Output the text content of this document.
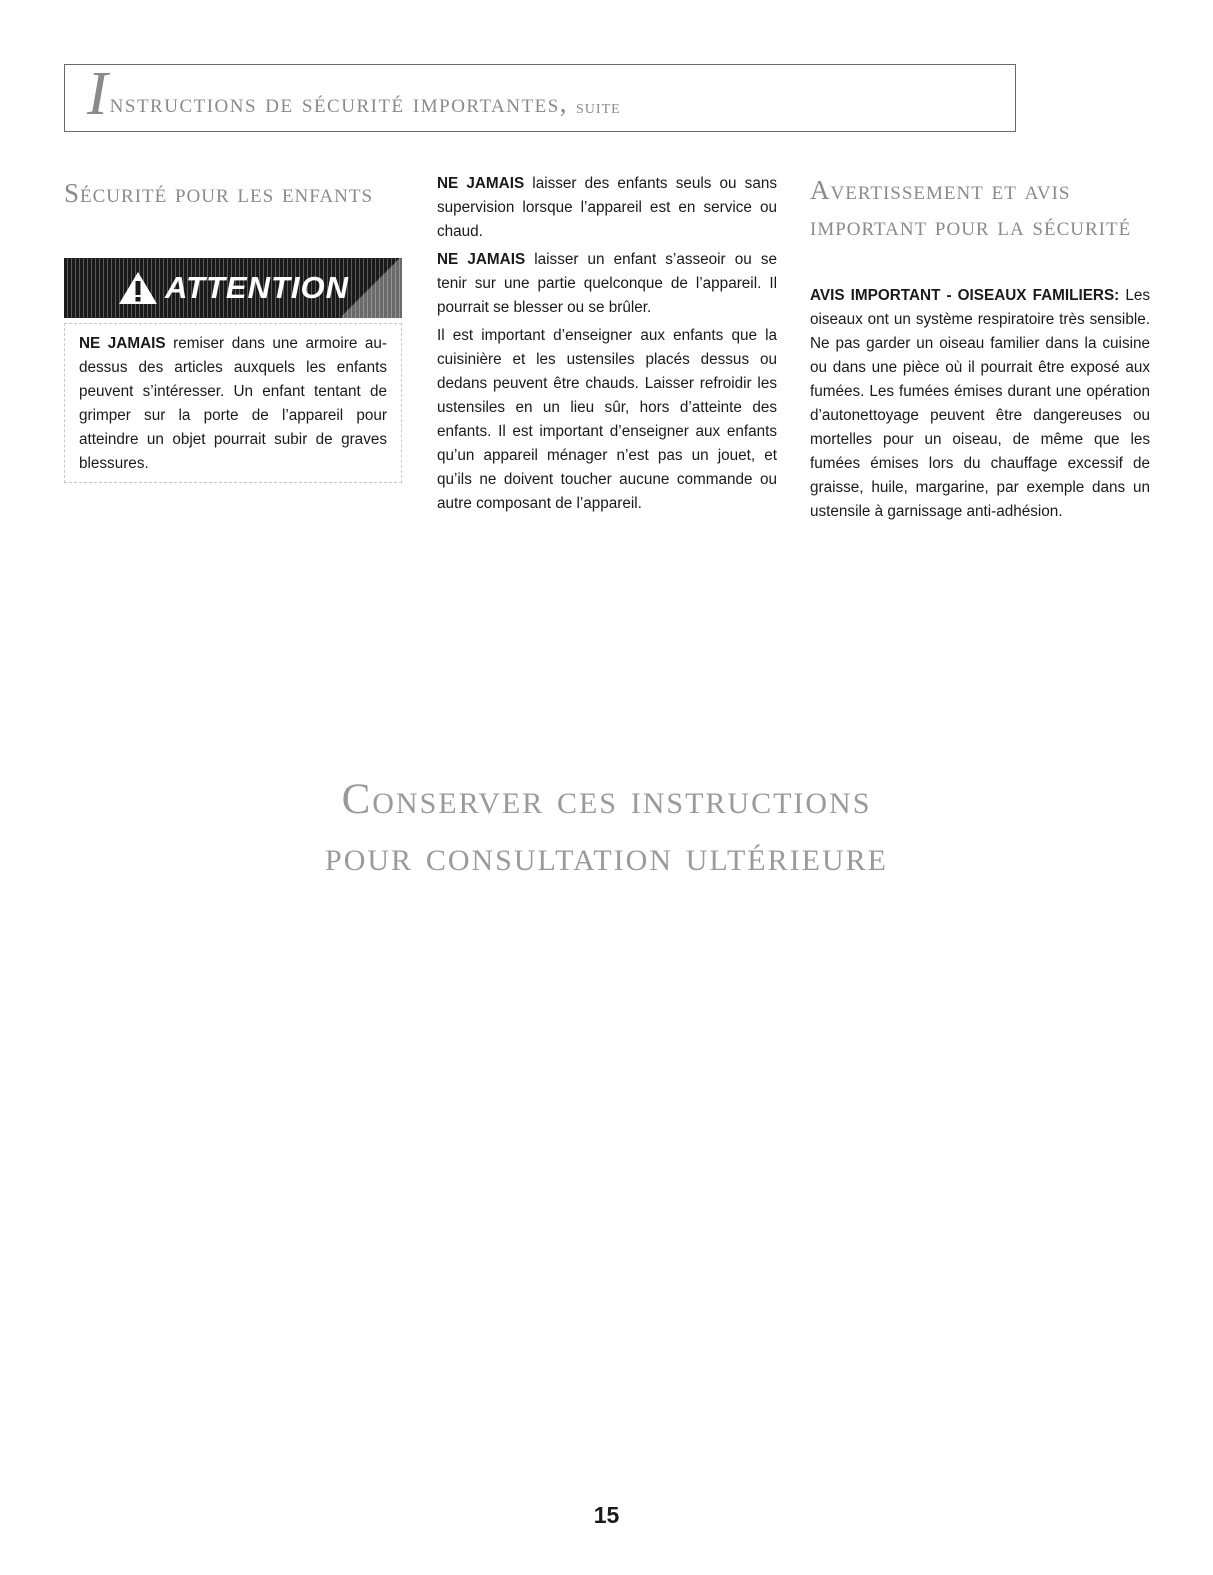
I nstructions de sécurité importantes, suite
Sécurité pour les enfants
ATTENTION

NE JAMAIS remiser dans une armoire au-dessus des articles auxquels les enfants peuvent s’intéresser. Un enfant tentant de grimper sur la porte de l’appareil pour atteindre un objet pourrait subir de graves blessures.

NE JAMAIS laisser des enfants seuls ou sans supervision lorsque l’appareil est en service ou chaud.

NE JAMAIS laisser un enfant s’asseoir ou se tenir sur une partie quelconque de l’appareil. Il pourrait se blesser ou se brûler.

Il est important d’enseigner aux enfants que la cuisinière et les ustensiles placés dessus ou dedans peuvent être chauds. Laisser refroidir les ustensiles en un lieu sûr, hors d’atteinte des enfants. Il est important d’enseigner aux enfants qu’un appareil ménager n’est pas un jouet, et qu’ils ne doivent toucher aucune commande ou autre composant de l’appareil.

Avertissement et avis important pour la sécurité

AVIS IMPORTANT - OISEAUX FAMILIERS: Les oiseaux ont un système respiratoire très sensible. Ne pas garder un oiseau familier dans la cuisine ou dans une pièce où il pourrait être exposé aux fumées. Les fumées émises durant une opération d’autonettoyage peuvent être dangereuses ou mortelles pour un oiseau, de même que les fumées émises lors du chauffage excessif de graisse, huile, margarine, par exemple dans un ustensile à garnissage anti-adhésion.

Conserver ces instructions
pour consultation ultérieure
15
